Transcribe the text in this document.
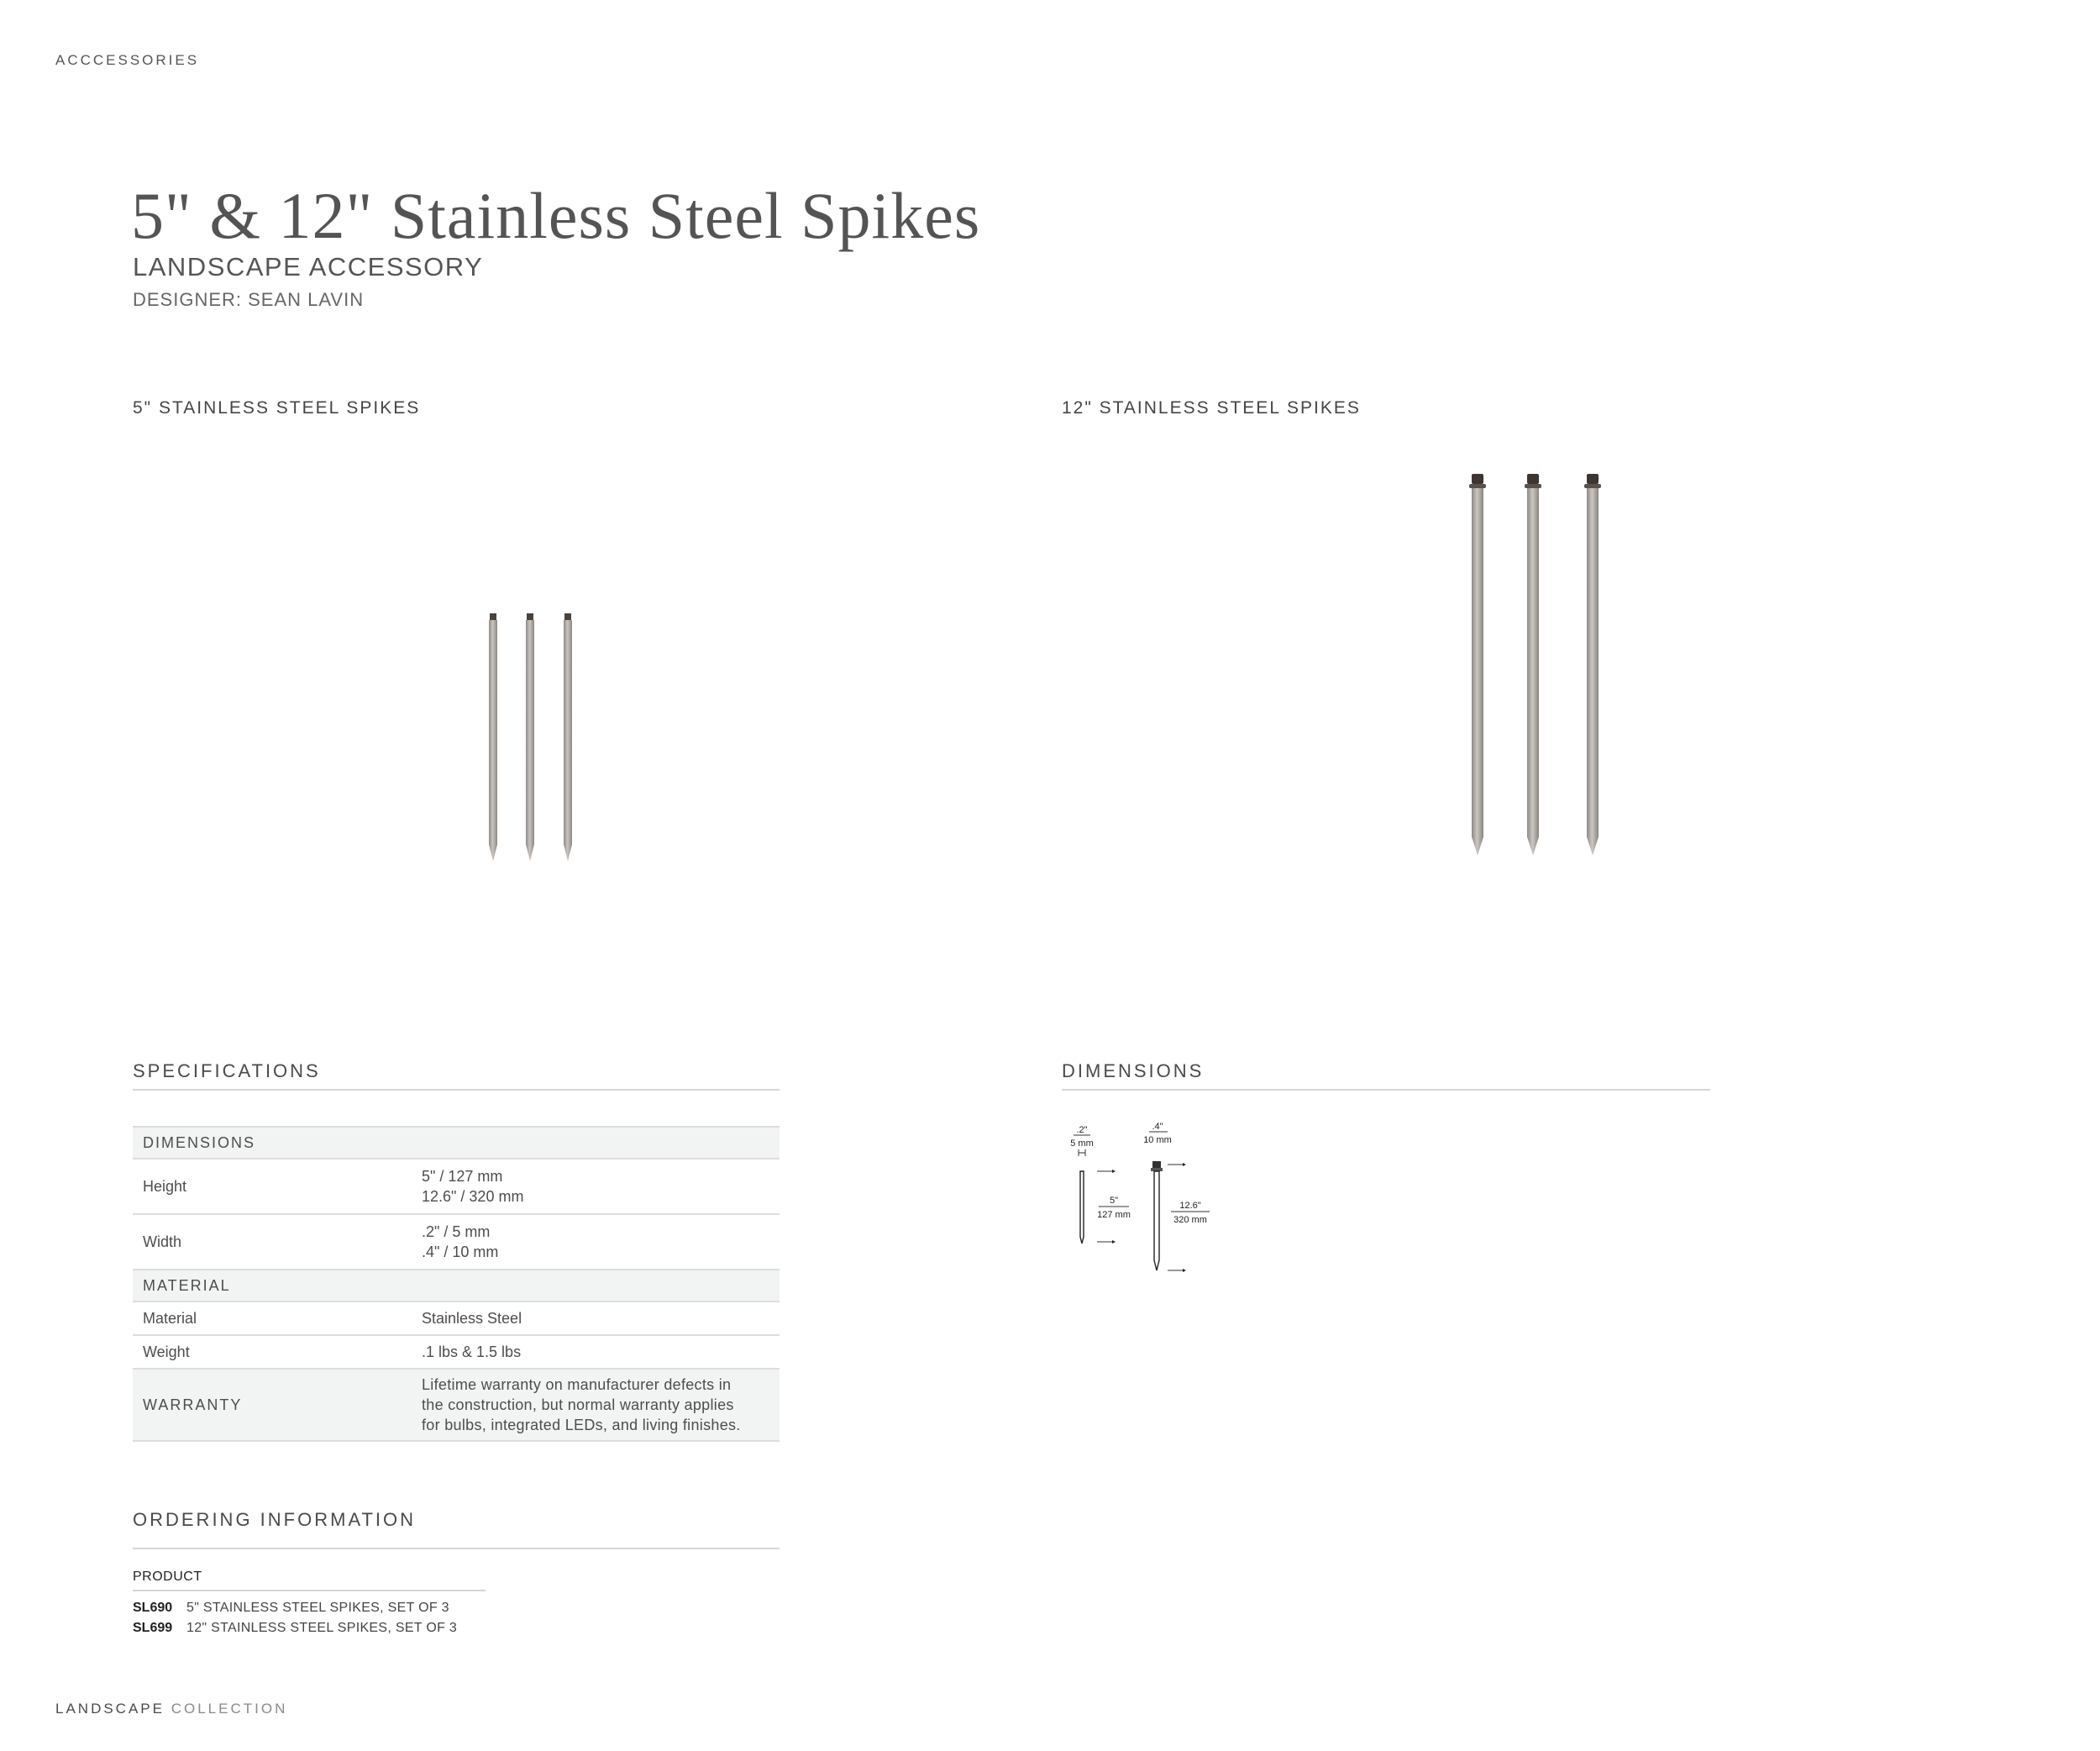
ACCCESSORIES
5" & 12" Stainless Steel Spikes
LANDSCAPE ACCESSORY
DESIGNER: SEAN LAVIN
5" STAINLESS STEEL SPIKES	12" STAINLESS STEEL SPIKES
SPECIFICATIONS
DIMENSIONS	
Height	5" / 127 mm
12.6" / 320 mm

Width	.2" / 5 mm
.4" / 10 mm

MATERIAL	
Material	Stainless Steel
Weight	.1 lbs & 1.5 lbs
WARRANTY	Lifetime warranty on manufacturer defects in
the construction, but normal warranty applies
for bulbs, integrated LEDs, and living finishes.
DIMENSIONS
.2"
5 mm
5"
127 mm
.4"
10 mm
12.6"
320 mm
ORDERING INFORMATION
PRODUCT
SL690 5" STAINLESS STEEL SPIKES, SET OF 3
SL699 12" STAINLESS STEEL SPIKES, SET OF 3
LANDSCAPE COLLECTION
